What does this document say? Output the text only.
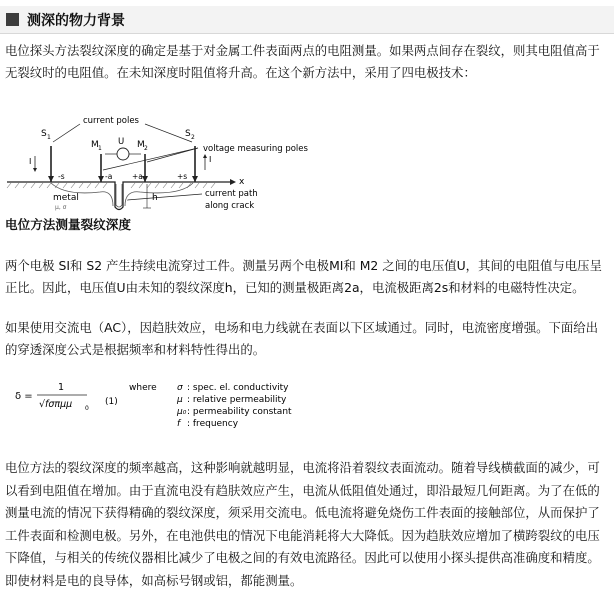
测深的物力背景

电位探头方法裂纹深度的确定是基于对金属工件表面两点的电阻测量。如果两点间存在裂纹，则其电阻值高于无裂纹时的电阻值。在未知深度时阻值将升高。在这个新方法中，采用了四电极技术：

current poles
voltage measuring poles
current path
along crack
metal
μ, σ
S 1
M 1	M 2
S 2
U
I	I
x
h
-s	-a	+a	+s
电位方法测量裂纹深度

两个电极 SI和 S2 产生持续电流穿过工件。测量另两个电极MI和 M2 之间的电压值U，其间的电阻值与电压呈正比。因此，电压值U由未知的裂纹深度h，已知的测量极距离2a，电流极距离2s和材料的电磁特性决定。

如果使用交流电（AC），因趋肤效应，电场和电力线就在表面以下区域通过。同时，电流密度增强。下面给出的穿透深度公式是根据频率和材料特性得出的。

δ =
1
√fσπμμ 0
(1)
where σ : spec. el. conductivity
μ : relative permeability
μ₀ : permeability constant
f : frequency

电位方法的裂纹深度的频率越高，这种影响就越明显，电流将沿着裂纹表面流动。随着导线横截面的减少，可以看到电阻值在增加。由于直流电没有趋肤效应产生，电流从低阻值处通过，即沿最短几何距离。为了在低的测量电流的情况下获得精确的裂纹深度，须采用交流电。低电流将避免烧伤工件表面的接触部位，从而保护了工件表面和检测电极。另外，在电池供电的情况下电能消耗将大大降低。因为趋肤效应增加了横跨裂纹的电压下降值，与相关的传统仪器相比减少了电极之间的有效电流路径。因此可以使用小探头提供高准确度和精度。即使材料是电的良导体，如高标号钢或铝，都能测量。
